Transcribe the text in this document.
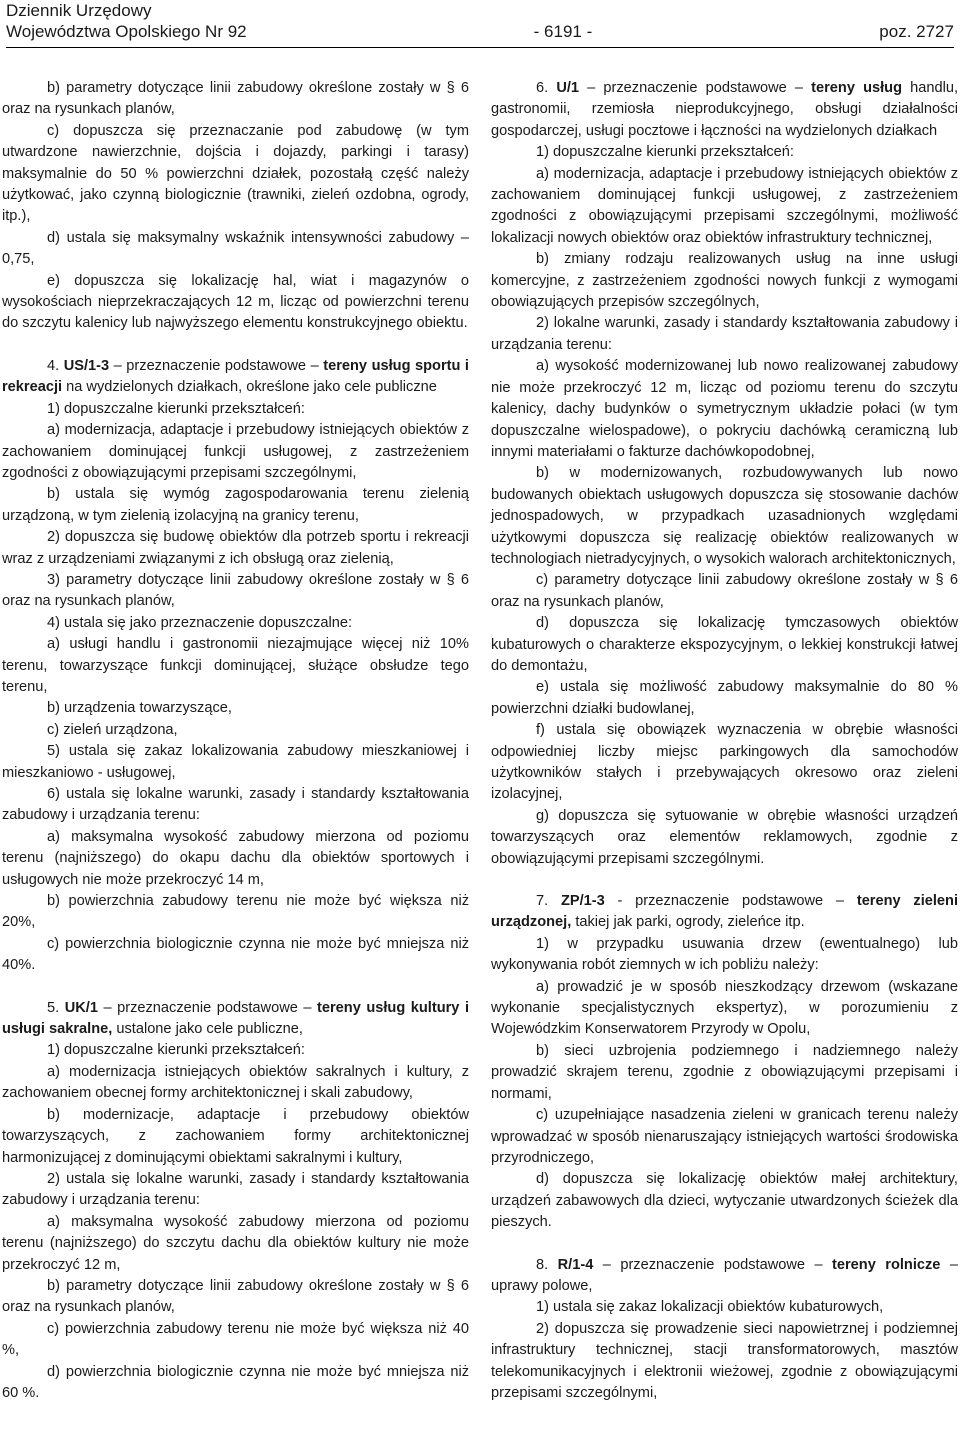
Dziennik Urzędowy
Województwa Opolskiego Nr 92	- 6191 -	poz. 2727

b) parametry dotyczące linii zabudowy określone zostały w § 6 oraz na rysunkach planów,

c) dopuszcza się przeznaczanie pod zabudowę (w tym utwardzone nawierzchnie, dojścia i dojazdy, parkingi i tarasy) maksymalnie do 50 % powierzchni działek, pozostałą część należy użytkować, jako czynną biologicznie (trawniki, zieleń ozdobna, ogrody, itp.),

d) ustala się maksymalny wskaźnik intensywności zabudowy – 0,75,

e) dopuszcza się lokalizację hal, wiat i magazynów o wysokościach nieprzekraczających 12 m, licząc od powierzchni terenu do szczytu kalenicy lub najwyższego elementu konstrukcyjnego obiektu.

4. US/1-3 – przeznaczenie podstawowe – tereny usług sportu i rekreacji na wydzielonych działkach, określone jako cele publiczne

1) dopuszczalne kierunki przekształceń:

a) modernizacja, adaptacje i przebudowy istniejących obiektów z zachowaniem dominującej funkcji usługowej, z zastrzeżeniem zgodności z obowiązującymi przepisami szczególnymi,

b) ustala się wymóg zagospodarowania terenu zielenią urządzoną, w tym zielenią izolacyjną na granicy terenu,

2) dopuszcza się budowę obiektów dla potrzeb sportu i rekreacji wraz z urządzeniami związanymi z ich obsługą oraz zielenią,

3) parametry dotyczące linii zabudowy określone zostały w § 6 oraz na rysunkach planów,

4) ustala się jako przeznaczenie dopuszczalne:

a) usługi handlu i gastronomii niezajmujące więcej niż 10% terenu, towarzyszące funkcji dominującej, służące obsłudze tego terenu,

b) urządzenia towarzyszące,

c) zieleń urządzona,

5) ustala się zakaz lokalizowania zabudowy mieszkaniowej i mieszkaniowo - usługowej,

6) ustala się lokalne warunki, zasady i standardy kształtowania zabudowy i urządzania terenu:

a) maksymalna wysokość zabudowy mierzona od poziomu terenu (najniższego) do okapu dachu dla obiektów sportowych i usługowych nie może przekroczyć 14 m,

b) powierzchnia zabudowy terenu nie może być większa niż 20%,

c) powierzchnia biologicznie czynna nie może być mniejsza niż 40%.

5. UK/1 – przeznaczenie podstawowe – tereny usług kultury i usługi sakralne, ustalone jako cele publiczne,

1) dopuszczalne kierunki przekształceń:

a) modernizacja istniejących obiektów sakralnych i kultury, z zachowaniem obecnej formy architektonicznej i skali zabudowy,

b) modernizacje, adaptacje i przebudowy obiektów towarzyszących, z zachowaniem formy architektonicznej harmonizującej z dominującymi obiektami sakralnymi i kultury,

2) ustala się lokalne warunki, zasady i standardy kształtowania zabudowy i urządzania terenu:

a) maksymalna wysokość zabudowy mierzona od poziomu terenu (najniższego) do szczytu dachu dla obiektów kultury nie może przekroczyć 12 m,

b) parametry dotyczące linii zabudowy określone zostały w § 6 oraz na rysunkach planów,

c) powierzchnia zabudowy terenu nie może być większa niż 40 %,

d) powierzchnia biologicznie czynna nie może być mniejsza niż 60 %.

6. U/1 – przeznaczenie podstawowe – tereny usług handlu, gastronomii, rzemiosła nieprodukcyjnego, obsługi działalności gospodarczej, usługi pocztowe i łączności na wydzielonych działkach

1) dopuszczalne kierunki przekształceń:

a) modernizacja, adaptacje i przebudowy istniejących obiektów z zachowaniem dominującej funkcji usługowej, z zastrzeżeniem zgodności z obowiązującymi przepisami szczególnymi, możliwość lokalizacji nowych obiektów oraz obiektów infrastruktury technicznej,

b) zmiany rodzaju realizowanych usług na inne usługi komercyjne, z zastrzeżeniem zgodności nowych funkcji z wymogami obowiązujących przepisów szczególnych,

2) lokalne warunki, zasady i standardy kształtowania zabudowy i urządzania terenu:

a) wysokość modernizowanej lub nowo realizowanej zabudowy nie może przekroczyć 12 m, licząc od poziomu terenu do szczytu kalenicy, dachy budynków o symetrycznym układzie połaci (w tym dopuszczalne wielospadowe), o pokryciu dachówką ceramiczną lub innymi materiałami o fakturze dachówkopodobnej,

b) w modernizowanych, rozbudowywanych lub nowo budowanych obiektach usługowych dopuszcza się stosowanie dachów jednospadowych, w przypadkach uzasadnionych względami użytkowymi dopuszcza się realizację obiektów realizowanych w technologiach nietradycyjnych, o wysokich walorach architektonicznych,

c) parametry dotyczące linii zabudowy określone zostały w § 6 oraz na rysunkach planów,

d) dopuszcza się lokalizację tymczasowych obiektów kubaturowych o charakterze ekspozycyjnym, o lekkiej konstrukcji łatwej do demontażu,

e) ustala się możliwość zabudowy maksymalnie do 80 % powierzchni działki budowlanej,

f) ustala się obowiązek wyznaczenia w obrębie własności odpowiedniej liczby miejsc parkingowych dla samochodów użytkowników stałych i przebywających okresowo oraz zieleni izolacyjnej,

g) dopuszcza się sytuowanie w obrębie własności urządzeń towarzyszących oraz elementów reklamowych, zgodnie z obowiązującymi przepisami szczególnymi.

7. ZP/1-3 - przeznaczenie podstawowe – tereny zieleni urządzonej, takiej jak parki, ogrody, zieleńce itp.

1) w przypadku usuwania drzew (ewentualnego) lub wykonywania robót ziemnych w ich pobliżu należy:

a) prowadzić je w sposób nieszkodzący drzewom (wskazane wykonanie specjalistycznych ekspertyz), w porozumieniu z Wojewódzkim Konserwatorem Przyrody w Opolu,

b) sieci uzbrojenia podziemnego i nadziemnego należy prowadzić skrajem terenu, zgodnie z obowiązującymi przepisami i normami,

c) uzupełniające nasadzenia zieleni w granicach terenu należy wprowadzać w sposób nienaruszający istniejących wartości środowiska przyrodniczego,

d) dopuszcza się lokalizację obiektów małej architektury, urządzeń zabawowych dla dzieci, wytyczanie utwardzonych ścieżek dla pieszych.

8. R/1-4 – przeznaczenie podstawowe – tereny rolnicze – uprawy polowe,

1) ustala się zakaz lokalizacji obiektów kubaturowych,

2) dopuszcza się prowadzenie sieci napowietrznej i podziemnej infrastruktury technicznej, stacji transformatorowych, masztów telekomunikacyjnych i elektronii wieżowej, zgodnie z obowiązującymi przepisami szczególnymi,
